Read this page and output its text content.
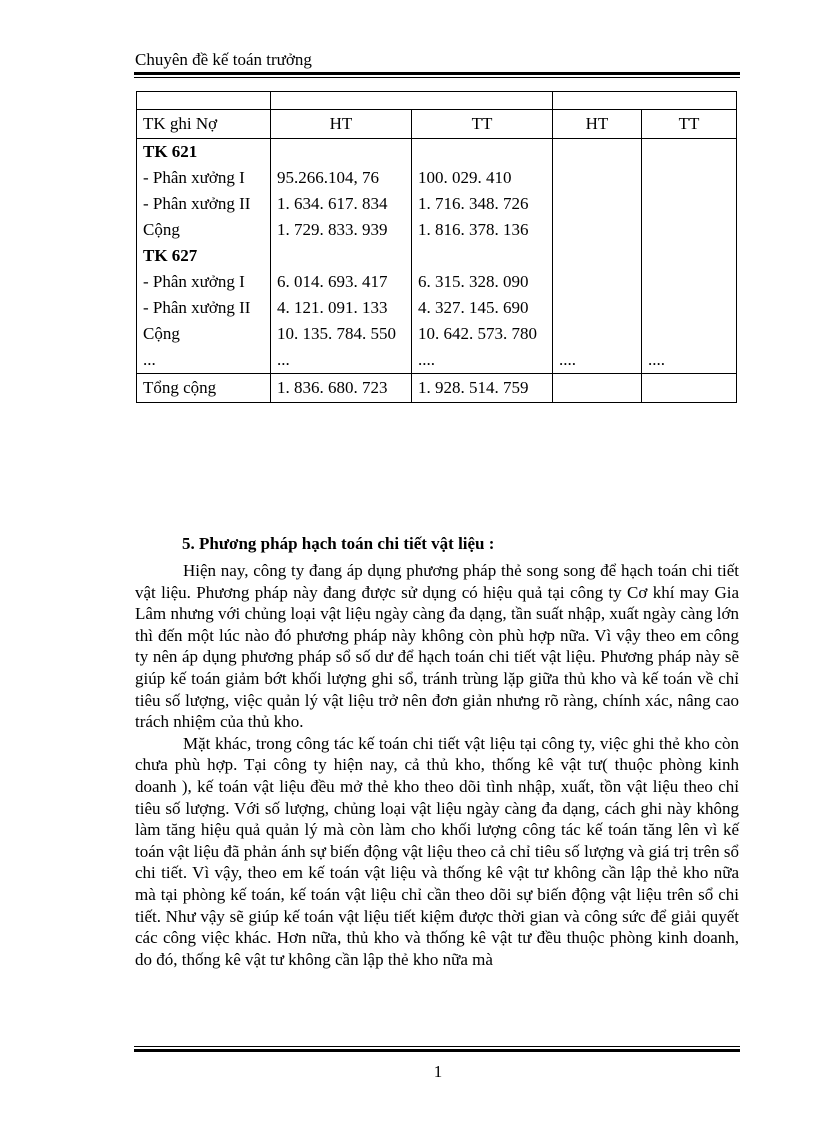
Chuyên đề kế toán trưởng

TK ghi Nợ	HT	TT	HT	TT
TK 621				
- Phân xưởng I	95.266.104, 76	100. 029. 410		
- Phân xưởng II	1. 634. 617. 834	1. 716. 348. 726		
Cộng	1. 729. 833. 939	1. 816. 378. 136		
TK 627				
- Phân xưởng I	6. 014. 693. 417	6. 315. 328. 090		
- Phân xưởng II	4. 121. 091. 133	4. 327. 145. 690		
Cộng	10. 135. 784. 550	10. 642. 573. 780		
...	...	....	....	....
Tổng cộng	1. 836. 680. 723	1. 928. 514. 759		
5. Phương pháp hạch toán chi tiết vật liệu :

Hiện nay, công ty đang áp dụng phương pháp thẻ song song để hạch toán chi tiết vật liệu. Phương pháp này đang được sử dụng có hiệu quả tại công ty Cơ khí may Gia Lâm nhưng với chủng loại vật liệu ngày càng đa dạng, tần suất nhập, xuất ngày càng lớn thì đến một lúc nào đó phương pháp này không còn phù hợp nữa. Vì vậy theo em công ty nên áp dụng phương pháp sổ số dư để hạch toán chi tiết vật liệu. Phương pháp này sẽ giúp kế toán giảm bớt khối lượng ghi sổ, tránh trùng lặp giữa thủ kho và kế toán về chỉ tiêu số lượng, việc quản lý vật liệu trở nên đơn giản nhưng rõ ràng, chính xác, nâng cao trách nhiệm của thủ kho.

Mặt khác, trong công tác kế toán chi tiết vật liệu tại công ty, việc ghi thẻ kho còn chưa phù hợp. Tại công ty hiện nay, cả thủ kho, thống kê vật tư( thuộc phòng kinh doanh ), kế toán vật liệu đều mở thẻ kho theo dõi tình nhập, xuất, tồn vật liệu theo chỉ tiêu số lượng. Với số lượng, chủng loại vật liệu ngày càng đa dạng, cách ghi này không làm tăng hiệu quả quản lý mà còn làm cho khối lượng công tác kế toán tăng lên vì kế toán vật liệu đã phản ánh sự biến động vật liệu theo cả chỉ tiêu số lượng và giá trị trên sổ chi tiết. Vì vậy, theo em kế toán vật liệu và thống kê vật tư không cần lập thẻ kho nữa mà tại phòng kế toán, kế toán vật liệu chỉ cần theo dõi sự biến động vật liệu trên sổ chi tiết. Như vậy sẽ giúp kế toán vật liệu tiết kiệm được thời gian và công sức để giải quyết các công việc khác. Hơn nữa, thủ kho và thống kê vật tư đều thuộc phòng kinh doanh, do đó, thống kê vật tư không cần lập thẻ kho nữa mà

1
